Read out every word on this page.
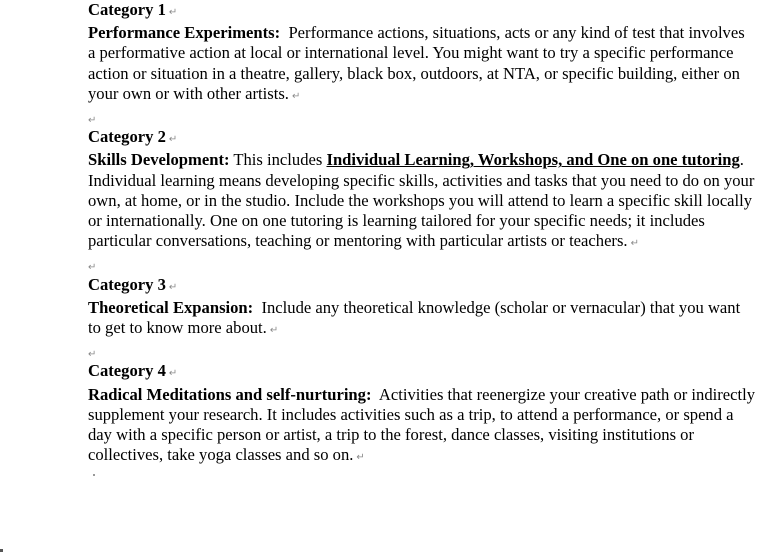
Category 1 ↵

Performance Experiments: Performance actions, situations, acts or any kind of test that involves a performative action at local or international level. You might want to try a specific performance action or situation in a theatre, gallery, black box, outdoors, at NTA, or specific building, either on your own or with other artists. ↵

↵

Category 2 ↵

Skills Development: This includes Individual Learning, Workshops, and One on one tutoring. Individual learning means developing specific skills, activities and tasks that you need to do on your own, at home, or in the studio. Include the workshops you will attend to learn a specific skill locally or internationally. One on one tutoring is learning tailored for your specific needs; it includes particular conversations, teaching or mentoring with particular artists or teachers. ↵

↵

Category 3 ↵

Theoretical Expansion: Include any theoretical knowledge (scholar or vernacular) that you want to get to know more about. ↵

↵

Category 4 ↵

Radical Meditations and self-nurturing: Activities that reenergize your creative path or indirectly supplement your research. It includes activities such as a trip, to attend a performance, or spend a day with a specific person or artist, a trip to the forest, dance classes, visiting institutions or collectives, take yoga classes and so on. ↵
